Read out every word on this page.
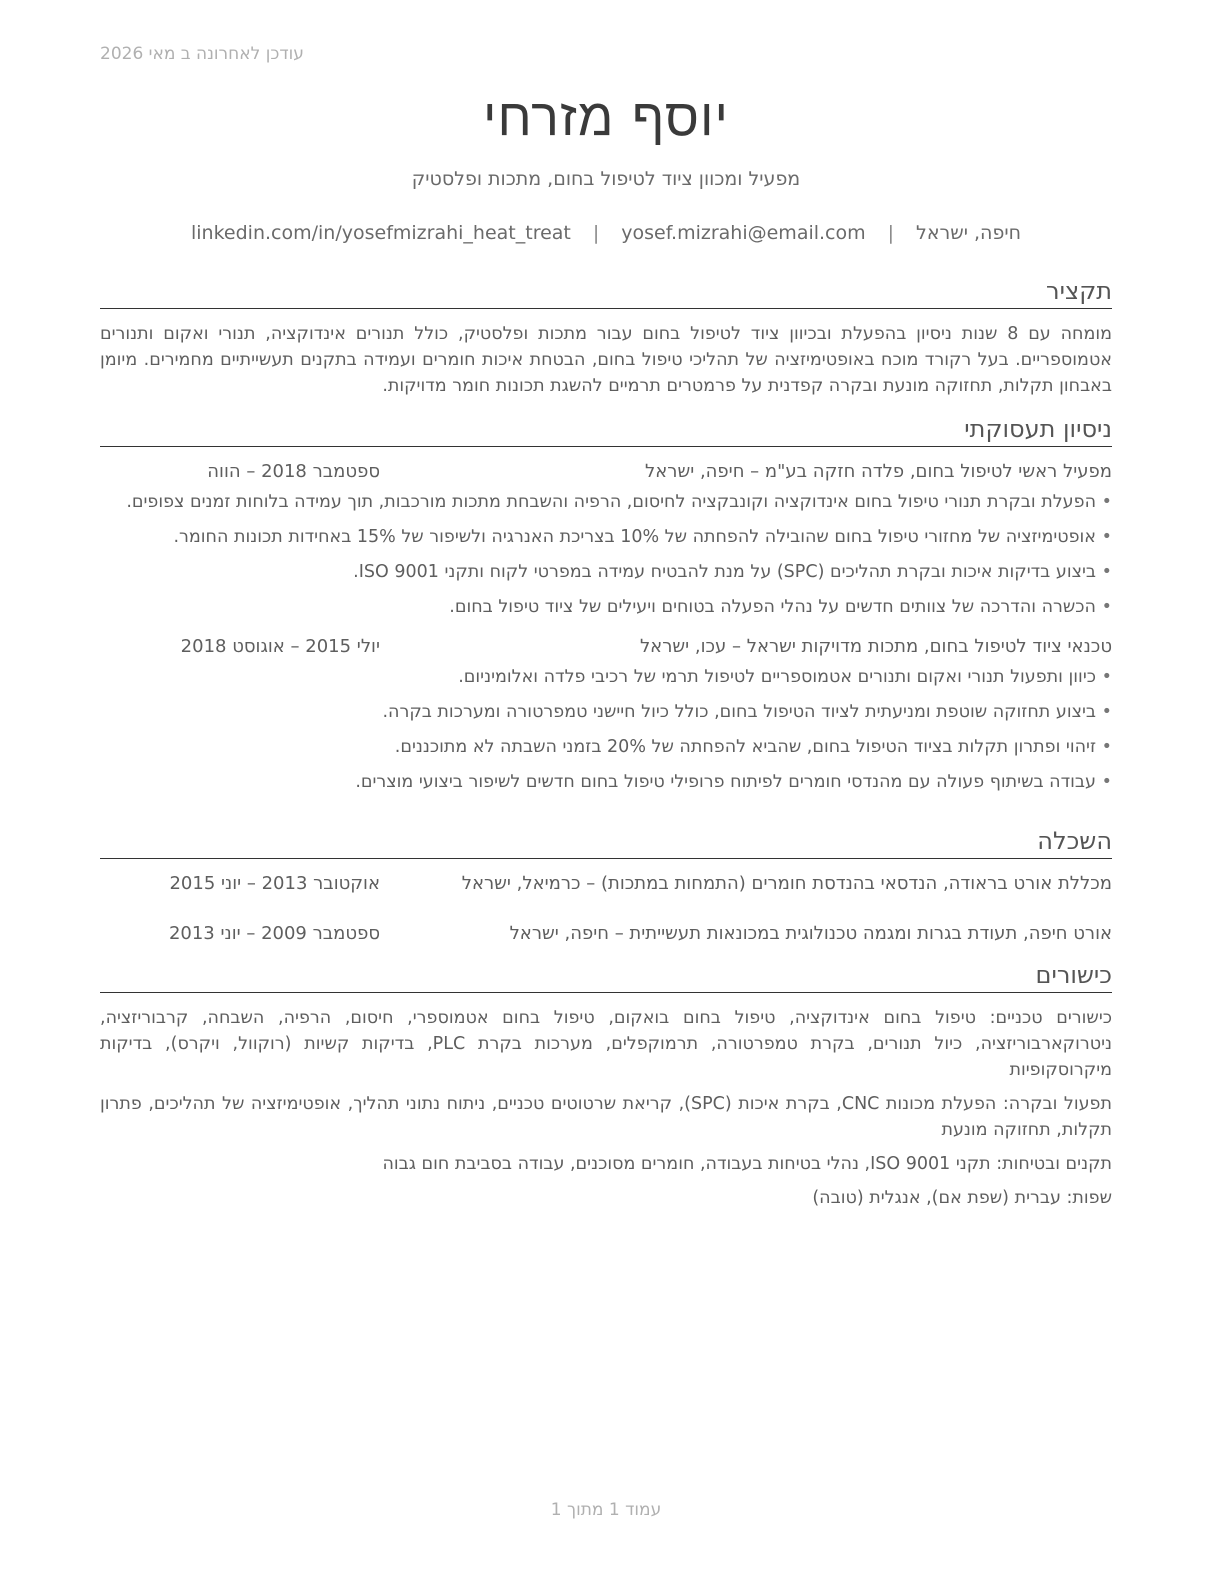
עודכן לאחרונה ב מאי 2026
יוסף מזרחי
מפעיל ומכוון ציוד לטיפול בחום, מתכות ופלסטיק
חיפה, ישראל
|
yosef.mizrahi@email.com
|
linkedin.com/in/yosefmizrahi_heat_treat
תקציר
מומחה עם 8 שנות ניסיון בהפעלת ובכיוון ציוד לטיפול בחום עבור מתכות ופלסטיק, כולל תנורים אינדוקציה, תנורי ואקום ותנורים אטמוספריים. בעל רקורד מוכח באופטימיזציה של תהליכי טיפול בחום, הבטחת איכות חומרים ועמידה בתקנים תעשייתיים מחמירים. מיומן באבחון תקלות, תחזוקה מונעת ובקרה קפדנית על פרמטרים תרמיים להשגת תכונות חומר מדויקות.
ניסיון תעסוקתי
מפעיל ראשי לטיפול בחום, פלדה חזקה בע"מ – חיפה, ישראל
ספטמבר 2018 – הווה
• הפעלת ובקרת תנורי טיפול בחום אינדוקציה וקונבקציה לחיסום, הרפיה והשבחת מתכות מורכבות, תוך עמידה בלוחות זמנים צפופים.
• אופטימיזציה של מחזורי טיפול בחום שהובילה להפחתה של 10% בצריכת האנרגיה ולשיפור של 15% באחידות תכונות החומר.
• ביצוע בדיקות איכות ובקרת תהליכים (SPC) על מנת להבטיח עמידה במפרטי לקוח ותקני ISO 9001.
• הכשרה והדרכה של צוותים חדשים על נהלי הפעלה בטוחים ויעילים של ציוד טיפול בחום.
טכנאי ציוד לטיפול בחום, מתכות מדויקות ישראל – עכו, ישראל
יולי 2015 – אוגוסט 2018
• כיוון ותפעול תנורי ואקום ותנורים אטמוספריים לטיפול תרמי של רכיבי פלדה ואלומיניום.
• ביצוע תחזוקה שוטפת ומניעתית לציוד הטיפול בחום, כולל כיול חיישני טמפרטורה ומערכות בקרה.
• זיהוי ופתרון תקלות בציוד הטיפול בחום, שהביא להפחתה של 20% בזמני השבתה לא מתוכננים.
• עבודה בשיתוף פעולה עם מהנדסי חומרים לפיתוח פרופילי טיפול בחום חדשים לשיפור ביצועי מוצרים.
השכלה
מכללת אורט בראודה, הנדסאי בהנדסת חומרים (התמחות במתכות) – כרמיאל, ישראל
אוקטובר 2013 – יוני 2015
אורט חיפה, תעודת בגרות ומגמה טכנולוגית במכונאות תעשייתית – חיפה, ישראל
ספטמבר 2009 – יוני 2013
כישורים
כישורים טכניים: טיפול בחום אינדוקציה, טיפול בחום בואקום, טיפול בחום אטמוספרי, חיסום, הרפיה, השבחה, קרבוריזציה, ניטרוקארבוריזציה, כיול תנורים, בקרת טמפרטורה, תרמוקפלים, מערכות בקרת PLC, בדיקות קשיות (רוקוול, ויקרס), בדיקות מיקרוסקופיות
תפעול ובקרה: הפעלת מכונות CNC, בקרת איכות (SPC), קריאת שרטוטים טכניים, ניתוח נתוני תהליך, אופטימיזציה של תהליכים, פתרון תקלות, תחזוקה מונעת
תקנים ובטיחות: תקני ISO 9001, נהלי בטיחות בעבודה, חומרים מסוכנים, עבודה בסביבת חום גבוה
שפות: עברית (שפת אם), אנגלית (טובה)
עמוד 1 מתוך 1
